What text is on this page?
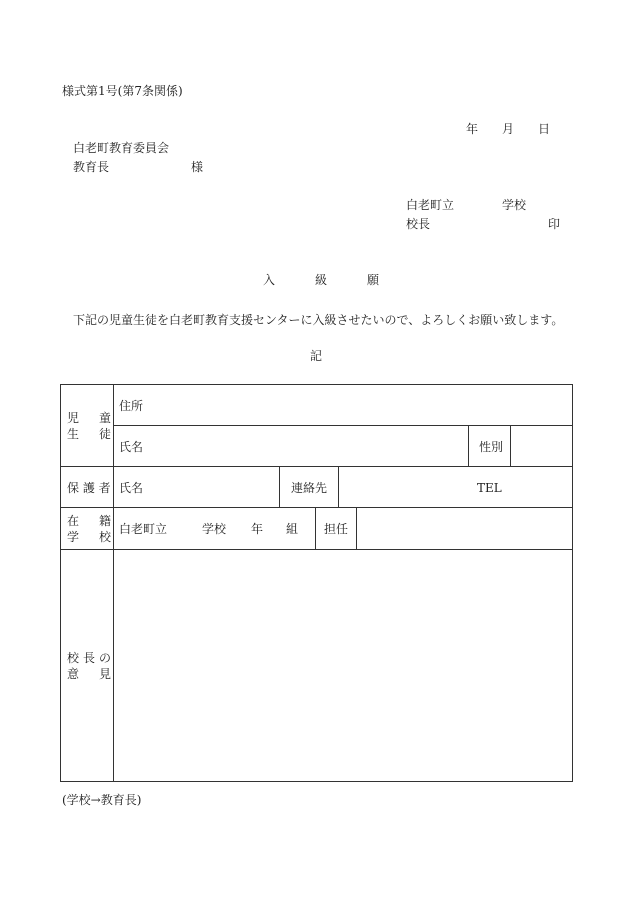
様式第1号(第7条関係)
年 月 日
白老町教育委員会
教育長	様
白老町立	学校
校長	印
入	級	願
下記の児童生徒を白老町教育支援センターに入級させたいので、よろしくお願い致します。
記
児 童
生 徒
住所
氏名	性別
保 護 者 氏名	連絡先	TEL
在 籍
学 校
白老町立	学校 年 組 担任
校 長 の
意 見
(学校→教育長)
